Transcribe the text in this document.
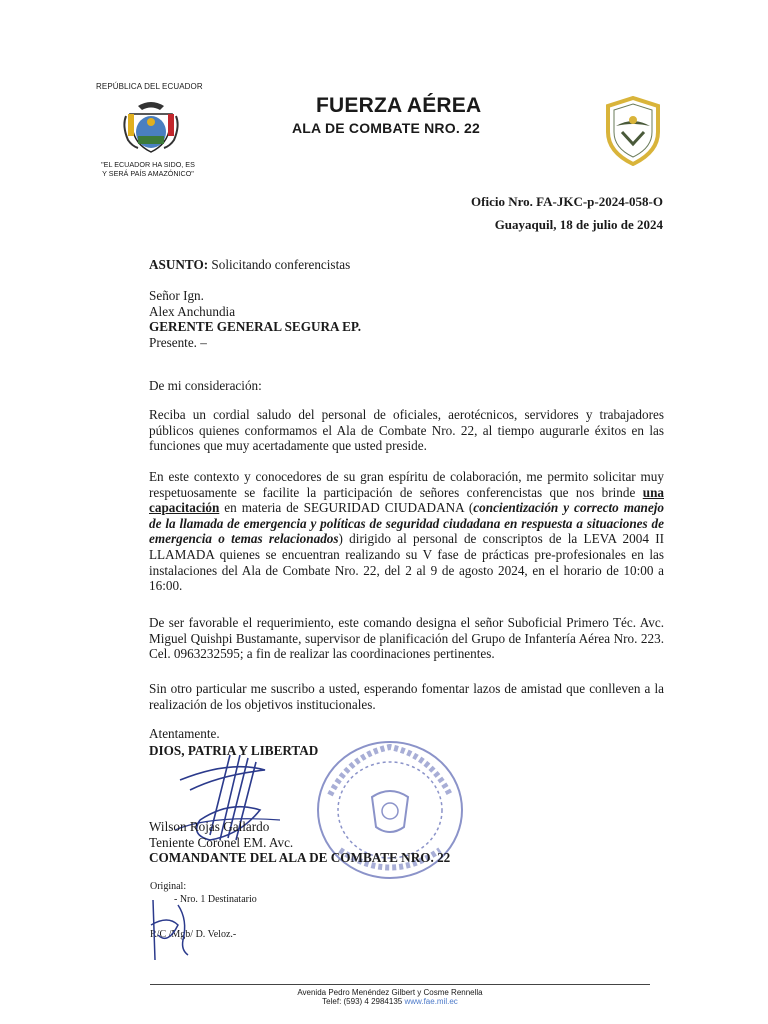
REPÚBLICA DEL ECUADOR
"EL ECUADOR HA SIDO, ES
Y SERÁ PAÍS AMAZÓNICO"
FUERZA AÉREA
ALA DE COMBATE NRO. 22
Oficio Nro. FA-JKC-p-2024-058-O
Guayaquil, 18 de julio de 2024
ASUNTO: Solicitando conferencistas
Señor Ign.
Alex Anchundia
GERENTE GENERAL SEGURA EP.
Presente. –
De mi consideración:
Reciba un cordial saludo del personal de oficiales, aerotécnicos, servidores y trabajadores públicos quienes conformamos el Ala de Combate Nro. 22, al tiempo augurarle éxitos en las funciones que muy acertadamente que usted preside.
En este contexto y conocedores de su gran espíritu de colaboración, me permito solicitar muy respetuosamente se facilite la participación de señores conferencistas que nos brinde una capacitación en materia de SEGURIDAD CIUDADANA (concientización y correcto manejo de la llamada de emergencia y políticas de seguridad ciudadana en respuesta a situaciones de emergencia o temas relacionados) dirigido al personal de conscriptos de la LEVA 2004 II LLAMADA quienes se encuentran realizando su V fase de prácticas pre-profesionales en las instalaciones del Ala de Combate Nro. 22, del 2 al 9 de agosto 2024, en el horario de 10:00 a 16:00.
De ser favorable el requerimiento, este comando designa el señor Suboficial Primero Téc. Avc. Miguel Quishpi Bustamante, supervisor de planificación del Grupo de Infantería Aérea Nro. 223. Cel. 0963232595; a fin de realizar las coordinaciones pertinentes.
Sin otro particular me suscribo a usted, esperando fomentar lazos de amistad que conlleven a la realización de los objetivos institucionales.
Atentamente.
DIOS, PATRIA Y LIBERTAD
Wilson Rojas Gallardo
Teniente Coronel EM. Avc.
COMANDANTE DEL ALA DE COMBATE NRO. 22
Original:
- Nro. 1 Destinatario
R/C /Mgb/ D. Veloz.-
Avenida Pedro Menéndez Gilbert y Cosme Rennella
Telef: (593) 4 2984135 www.fae.mil.ec
